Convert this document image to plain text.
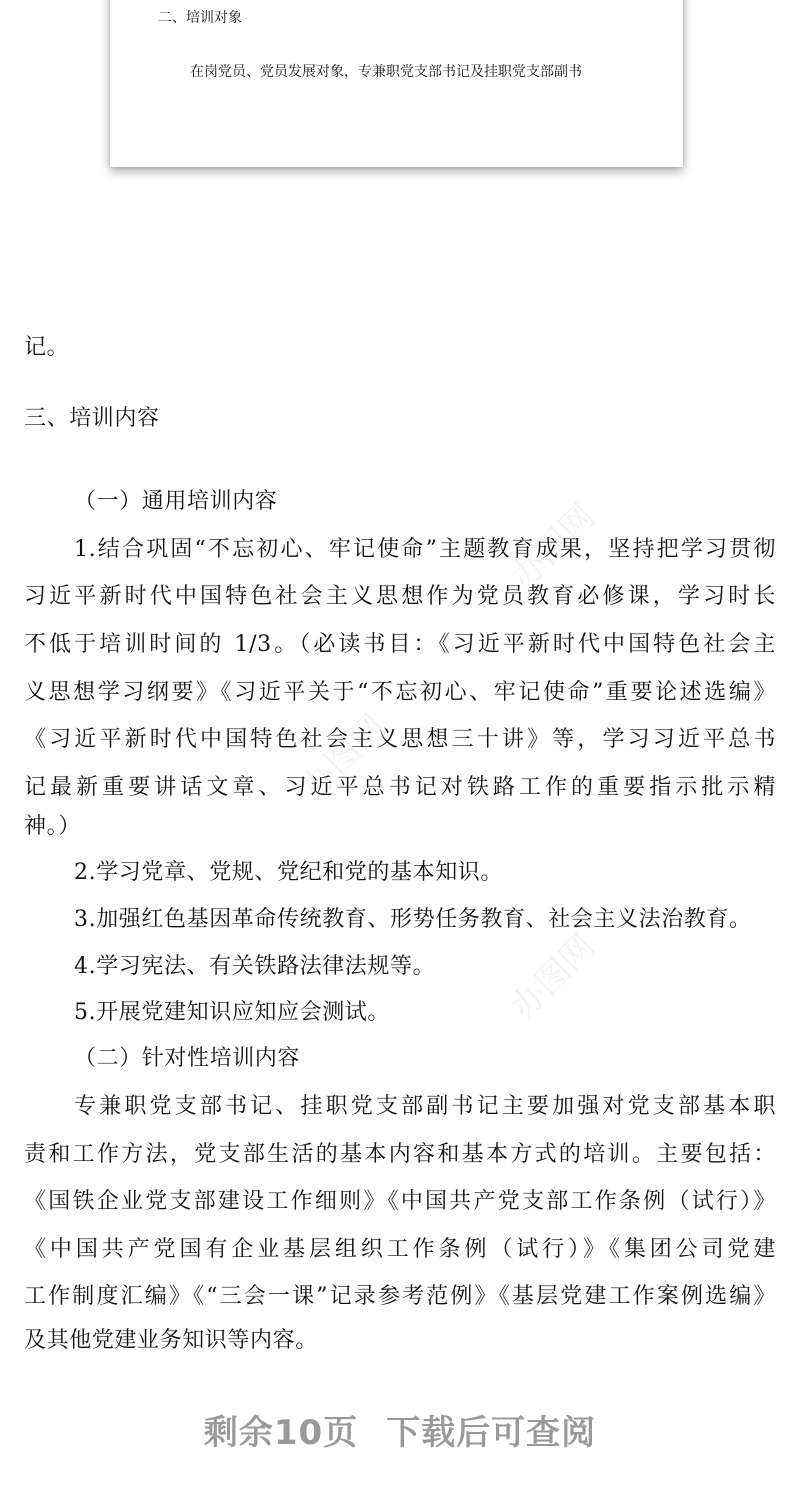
二、培训对象
在岗党员、党员发展对象，专兼职党支部书记及挂职党支部副书
办图网
办图网
办图网
记。
三、培训内容
（一）通用培训内容
1.结合巩固“不忘初心、牢记使命”主题教育成果，坚持把学习贯彻
习近平新时代中国特色社会主义思想作为党员教育必修课，学习时长
不低于培训时间的 1/3。（必读书目：《习近平新时代中国特色社会主
义思想学习纲要》《习近平关于“不忘初心、牢记使命”重要论述选编》
《习近平新时代中国特色社会主义思想三十讲》等，学习习近平总书
记最新重要讲话文章、习近平总书记对铁路工作的重要指示批示精
神。）
2.学习党章、党规、党纪和党的基本知识。
3.加强红色基因革命传统教育、形势任务教育、社会主义法治教育。
4.学习宪法、有关铁路法律法规等。
5.开展党建知识应知应会测试。
（二）针对性培训内容
专兼职党支部书记、挂职党支部副书记主要加强对党支部基本职
责和工作方法，党支部生活的基本内容和基本方式的培训。主要包括：
《国铁企业党支部建设工作细则》《中国共产党支部工作条例（试行）》
《中国共产党国有企业基层组织工作条例（试行）》《集团公司党建
工作制度汇编》《“三会一课”记录参考范例》《基层党建工作案例选编》
及其他党建业务知识等内容。
剩余10页 下载后可查阅
